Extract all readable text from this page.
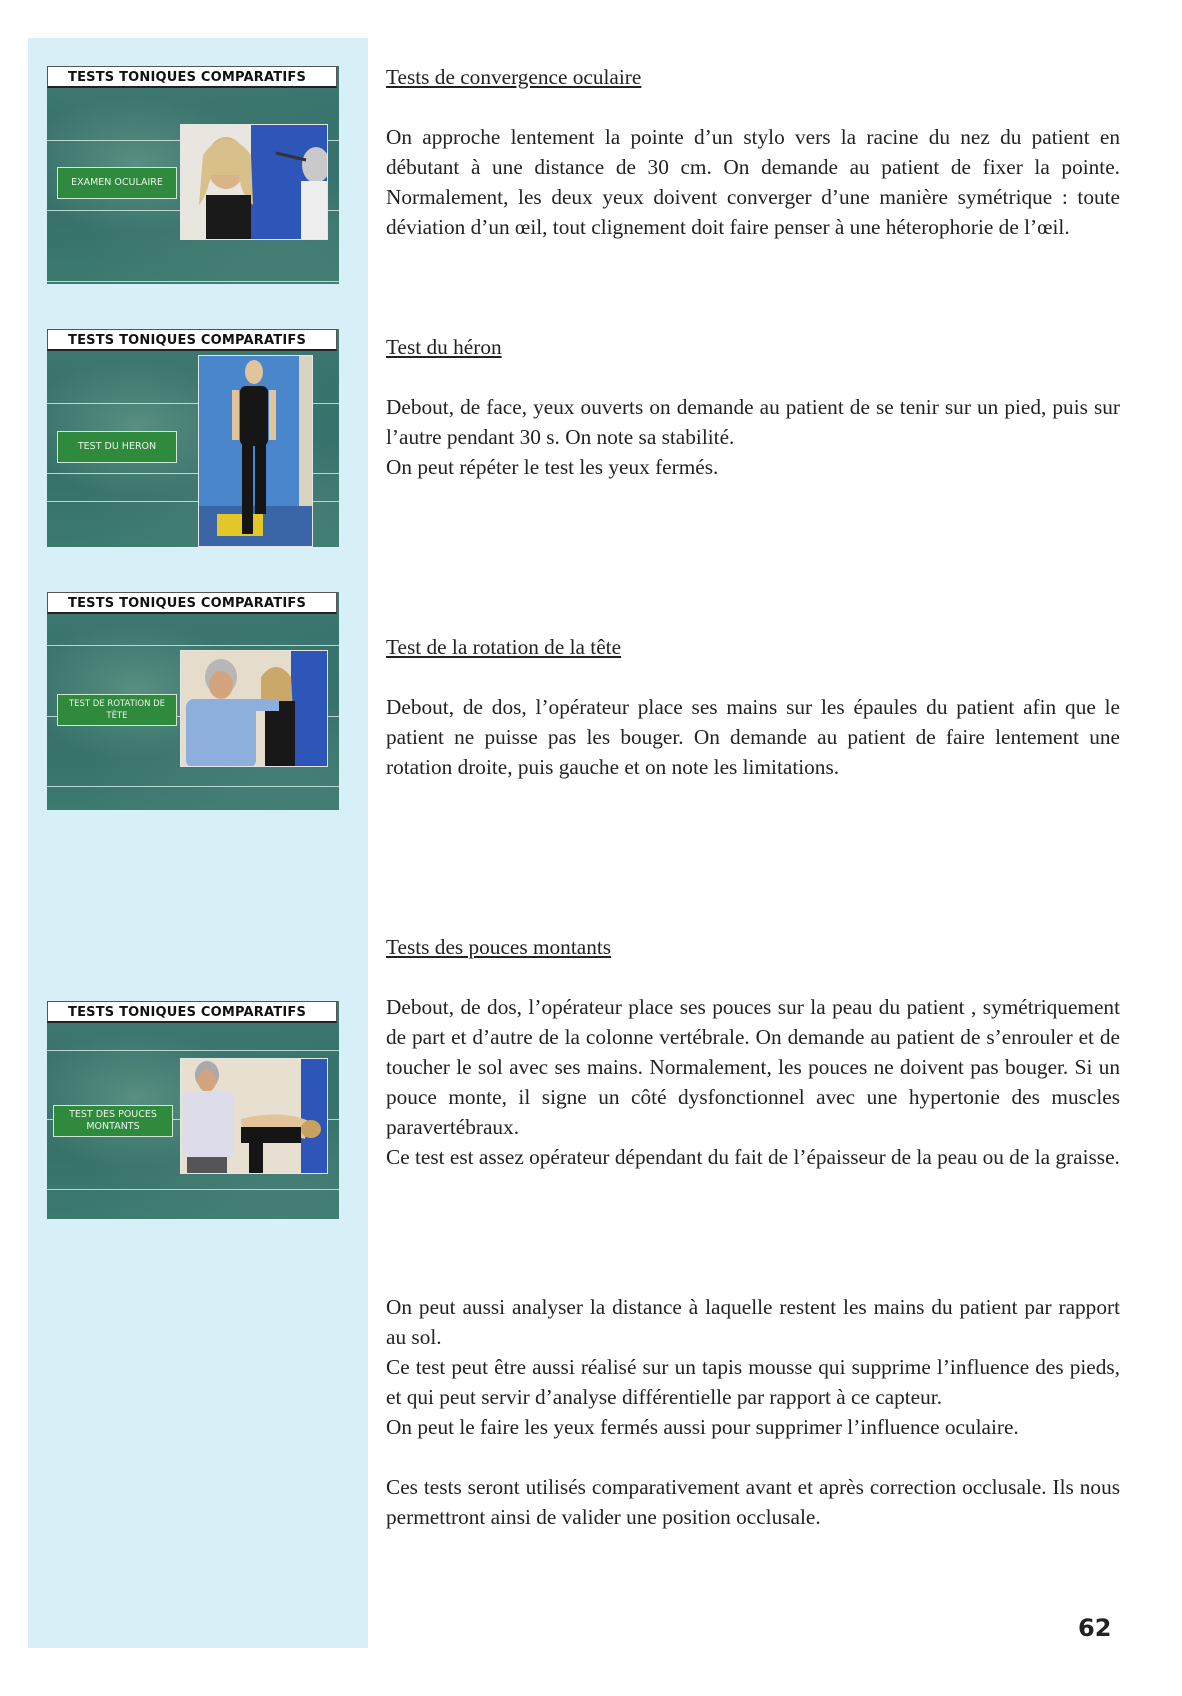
TESTS TONIQUES COMPARATIFS
EXAMEN OCULAIRE
TESTS TONIQUES COMPARATIFS
TEST DU HERON
TESTS TONIQUES COMPARATIFS
TEST DE ROTATION DE TÊTE
TESTS TONIQUES COMPARATIFS
TEST DES POUCES MONTANTS
Tests de convergence oculaire

On approche lentement la pointe d’un stylo vers la racine du nez du patient en débutant à une distance de 30 cm. On demande au patient de fixer la pointe. Normalement, les deux yeux doivent converger d’une manière symétrique : toute déviation d’un œil, tout clignement doit faire penser à une héterophorie de l’œil.

Test du héron

Debout, de face, yeux ouverts on demande au patient de se tenir sur un pied, puis sur l’autre pendant 30 s. On note sa stabilité.

On peut répéter le test les yeux fermés.

Test de la rotation de la tête

Debout, de dos, l’opérateur place ses mains sur les épaules du patient afin que le patient ne puisse pas les bouger. On demande au patient de faire lentement une rotation droite, puis gauche et on note les limitations.

Tests des pouces montants

Debout, de dos, l’opérateur place ses pouces sur la peau du patient , symétriquement de part et d’autre de la colonne vertébrale. On demande au patient de s’enrouler et de toucher le sol avec ses mains. Normalement, les pouces ne doivent pas bouger. Si un pouce monte, il signe un côté dysfonctionnel avec une hypertonie des muscles paravertébraux.

Ce test est assez opérateur dépendant du fait de l’épaisseur de la peau ou de la graisse.

On peut aussi analyser la distance à laquelle restent les mains du patient par rapport au sol.

Ce test peut être aussi réalisé sur un tapis mousse qui supprime l’influence des pieds, et qui peut servir d’analyse différentielle par rapport à ce capteur.

On peut le faire les yeux fermés aussi pour supprimer l’influence oculaire.

Ces tests seront utilisés comparativement avant et après correction occlusale. Ils nous permettront ainsi de valider une position occlusale.

62
